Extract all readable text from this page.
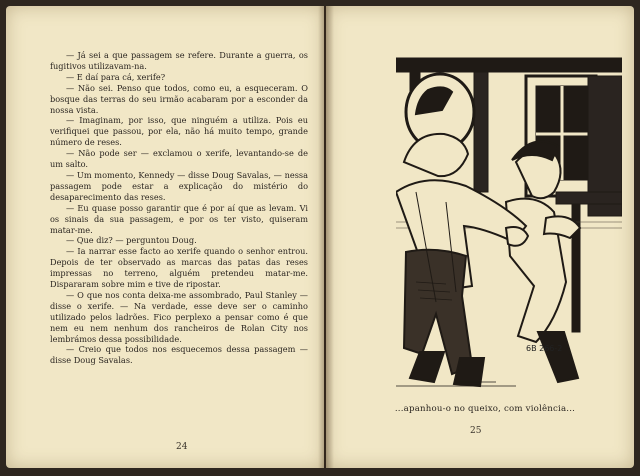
— Já sei a que passagem se refere. Durante a guerra, os fugitivos utilizavam-na.

— E daí para cá, xerife?

— Não sei. Penso que todos, como eu, a esqueceram. O bosque das terras do seu irmão acabaram por a esconder da nossa vista.

— Imaginam, por isso, que ninguém a utiliza. Pois eu verifiquei que passou, por ela, não há muito tempo, grande número de reses.

— Não pode ser — exclamou o xerife, levantando-se de um salto.

— Um momento, Kennedy — disse Doug Savalas, — nessa passagem pode estar a explicação do mistério do desaparecimento das reses.

— Eu quase posso garantir que é por aí que as levam. Vi os sinais da sua passagem, e por os ter visto, quiseram matar-me.

— Que diz? — perguntou Doug.

— Ia narrar esse facto ao xerife quando o senhor entrou. Depois de ter observado as marcas das patas das reses impressas no terreno, alguém pretendeu matar-me. Dispararam sobre mim e tive de ripostar.

— O que nos conta deixa-me assombrado, Paul Stanley — disse o xerife. — Na verdade, esse deve ser o caminho utilizado pelos ladrões. Fico perplexo a pensar como é que nem eu nem nenhum dos rancheiros de Rolan City nos lembrámos dessa possibilidade.

— Creio que todos nos esquecemos dessa passagem — disse Doug Savalas.

24
6B 266-2
...apanhou-o no queixo, com violência...
25
